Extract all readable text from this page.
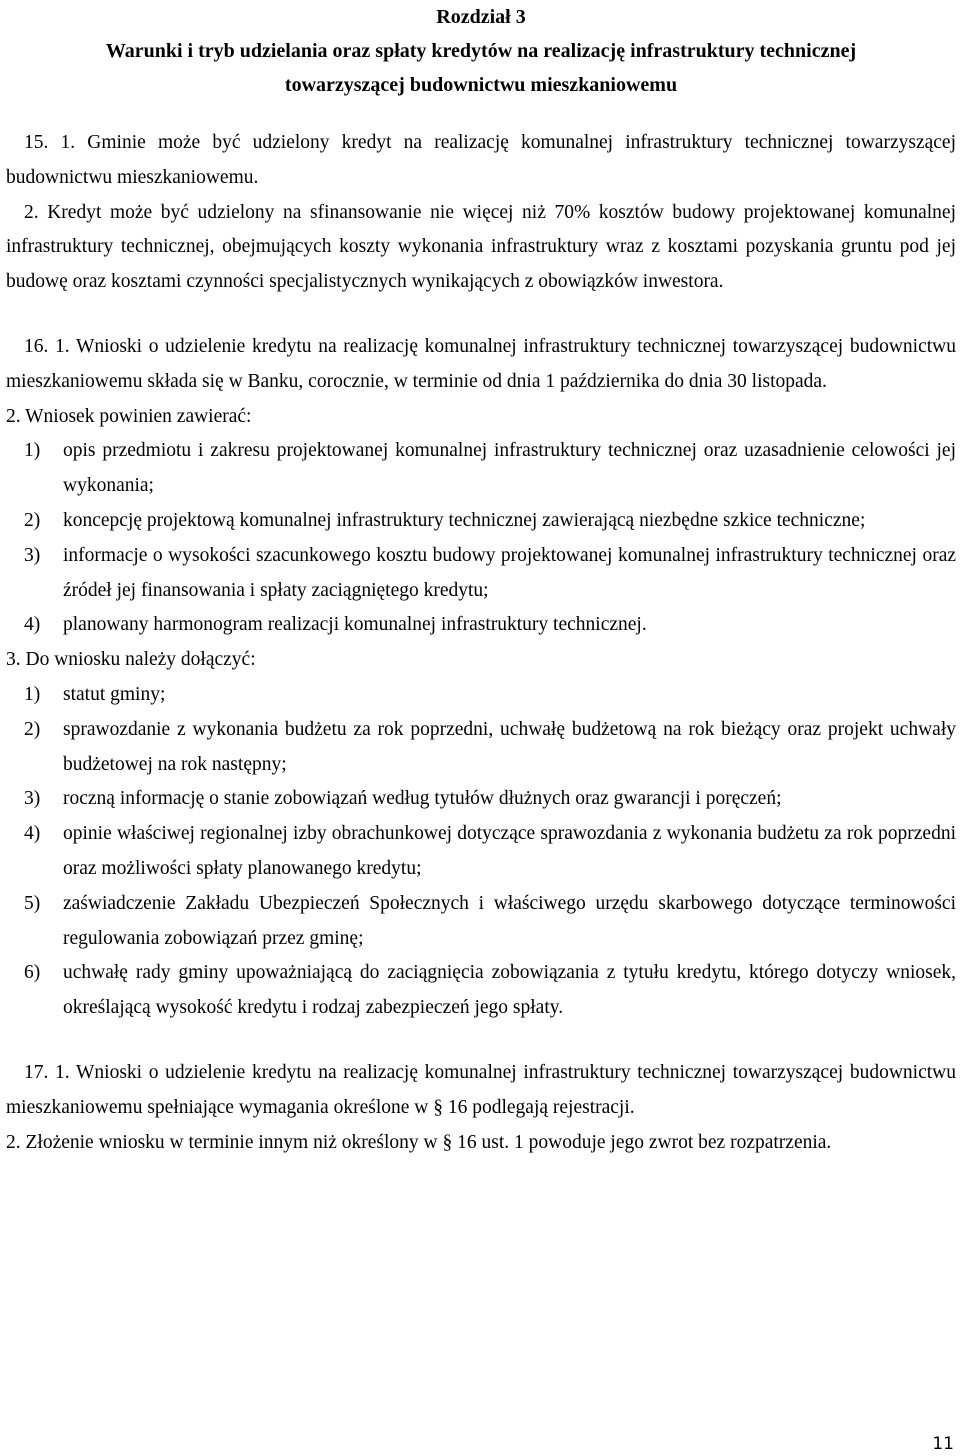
Rozdział 3
Warunki i tryb udzielania oraz spłaty kredytów na realizację infrastruktury technicznej
towarzyszącej budownictwu mieszkaniowemu
15. 1. Gminie może być udzielony kredyt na realizację komunalnej infrastruktury technicznej towarzyszącej budownictwu mieszkaniowemu.
2. Kredyt może być udzielony na sfinansowanie nie więcej niż 70% kosztów budowy projektowanej komunalnej infrastruktury technicznej, obejmujących koszty wykonania infrastruktury wraz z kosztami pozyskania gruntu pod jej budowę oraz kosztami czynności specjalistycznych wynikających z obowiązków inwestora.
16. 1. Wnioski o udzielenie kredytu na realizację komunalnej infrastruktury technicznej towarzyszącej budownictwu mieszkaniowemu składa się w Banku, corocznie, w terminie od dnia 1 października do dnia 30 listopada.
2. Wniosek powinien zawierać:
1) opis przedmiotu i zakresu projektowanej komunalnej infrastruktury technicznej oraz uzasadnienie celowości jej wykonania;
2) koncepcję projektową komunalnej infrastruktury technicznej zawierającą niezbędne szkice techniczne;
3) informacje o wysokości szacunkowego kosztu budowy projektowanej komunalnej infrastruktury technicznej oraz źródeł jej finansowania i spłaty zaciągniętego kredytu;
4) planowany harmonogram realizacji komunalnej infrastruktury technicznej.
3. Do wniosku należy dołączyć:
1) statut gminy;
2) sprawozdanie z wykonania budżetu za rok poprzedni, uchwałę budżetową na rok bieżący oraz projekt uchwały budżetowej na rok następny;
3) roczną informację o stanie zobowiązań według tytułów dłużnych oraz gwarancji i poręczeń;
4) opinie właściwej regionalnej izby obrachunkowej dotyczące sprawozdania z wykonania budżetu za rok poprzedni oraz możliwości spłaty planowanego kredytu;
5) zaświadczenie Zakładu Ubezpieczeń Społecznych i właściwego urzędu skarbowego dotyczące terminowości regulowania zobowiązań przez gminę;
6) uchwałę rady gminy upoważniającą do zaciągnięcia zobowiązania z tytułu kredytu, którego dotyczy wniosek, określającą wysokość kredytu i rodzaj zabezpieczeń jego spłaty.
17. 1. Wnioski o udzielenie kredytu na realizację komunalnej infrastruktury technicznej towarzyszącej budownictwu mieszkaniowemu spełniające wymagania określone w § 16 podlegają rejestracji.
2. Złożenie wniosku w terminie innym niż określony w § 16 ust. 1 powoduje jego zwrot bez rozpatrzenia.
11
